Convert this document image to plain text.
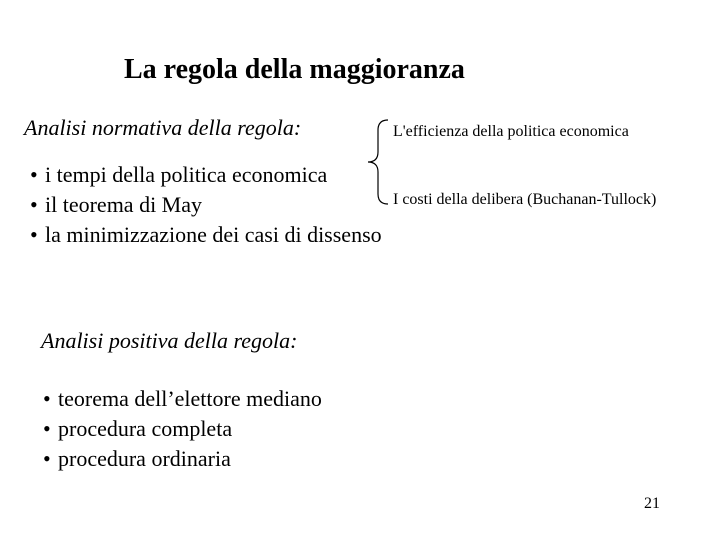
La regola della maggioranza
Analisi normativa della regola:
• i tempi della politica economica
• il teorema di May
• la minimizzazione dei casi di dissenso
L'efficienza della politica economica
I costi della delibera (Buchanan-Tullock)
Analisi positiva della regola:
• teorema dell’elettore mediano
• procedura completa
• procedura ordinaria
21
